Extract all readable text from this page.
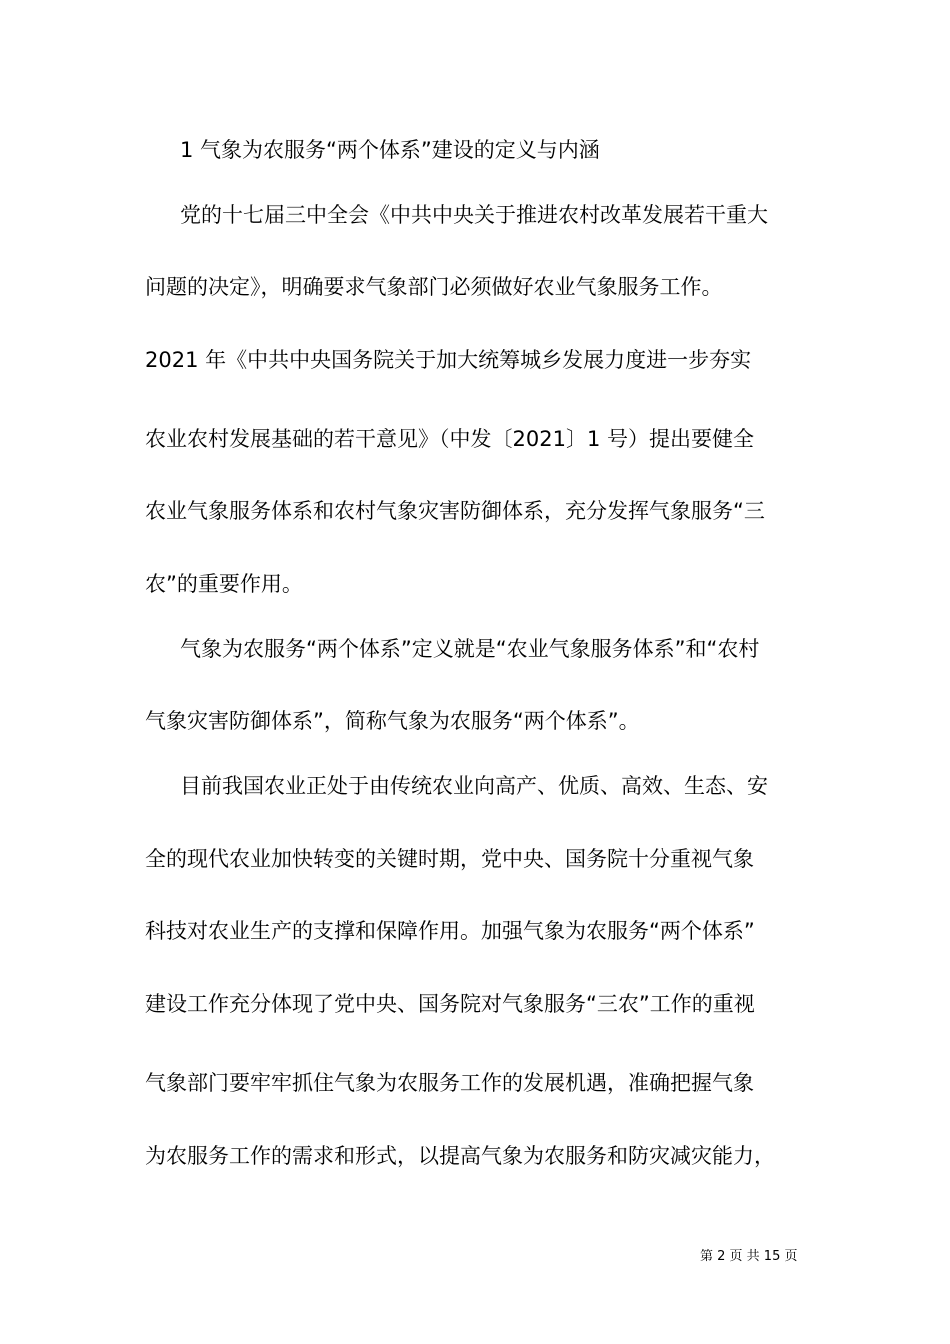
1 气象为农服务“两个体系”建设的定义与内涵
党的十七届三中全会《中共中央关于推进农村改革发展若干重大
问题的决定》，明确要求气象部门必须做好农业气象服务工作。
2021 年《中共中央国务院关于加大统筹城乡发展力度进一步夯实
农业农村发展基础的若干意见》（中发〔2021〕1 号）提出要健全
农业气象服务体系和农村气象灾害防御体系，充分发挥气象服务“三
农”的重要作用。
气象为农服务“两个体系”定义就是“农业气象服务体系”和“农村
气象灾害防御体系”，简称气象为农服务“两个体系”。
目前我国农业正处于由传统农业向高产、优质、高效、生态、安
全的现代农业加快转变的关键时期，党中央、国务院十分重视气象
科技对农业生产的支撑和保障作用。加强气象为农服务“两个体系”
建设工作充分体现了党中央、国务院对气象服务“三农”工作的重视
气象部门要牢牢抓住气象为农服务工作的发展机遇，准确把握气象
为农服务工作的需求和形式，以提高气象为农服务和防灾减灾能力，
第 2 页 共 15 页
